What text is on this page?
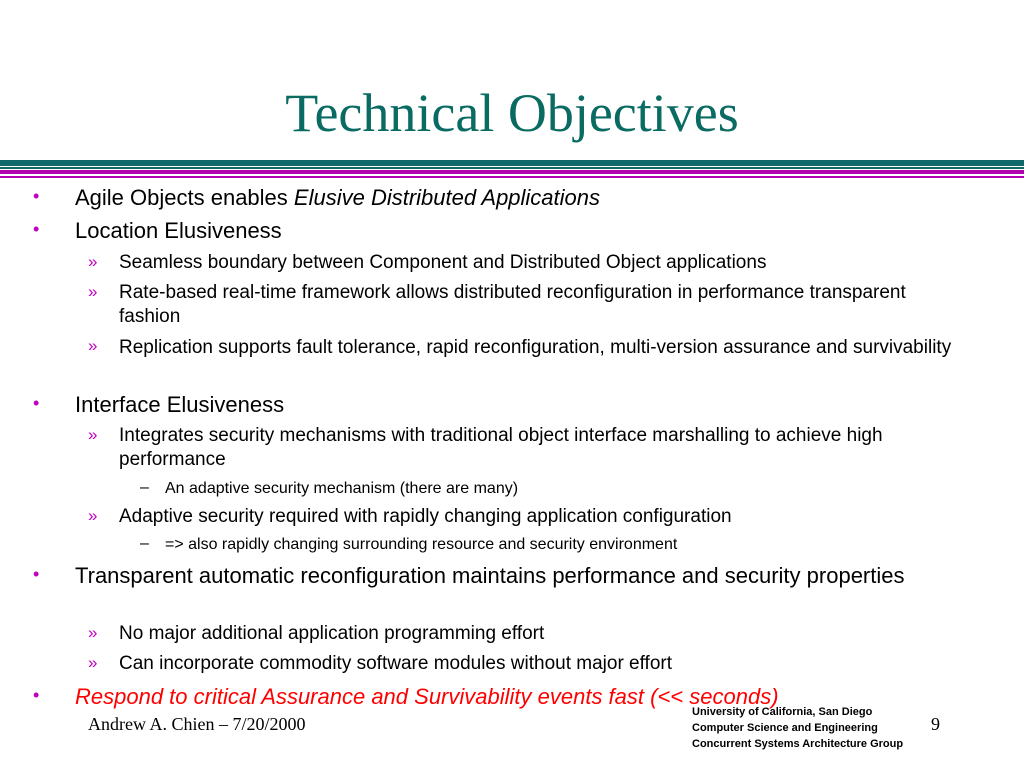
Technical Objectives
• Agile Objects enables Elusive Distributed Applications

• Location Elusiveness

» Seamless boundary between Component and Distributed Object applications

» Rate-based real-time framework allows distributed reconfiguration in performance transparent fashion

» Replication supports fault tolerance, rapid reconfiguration, multi-version assurance and survivability

• Interface Elusiveness

» Integrates security mechanisms with traditional object interface marshalling to achieve high performance

– An adaptive security mechanism (there are many)

» Adaptive security required with rapidly changing application configuration

– => also rapidly changing surrounding resource and security environment

• Transparent automatic reconfiguration maintains performance and security properties

» No major additional application programming effort

» Can incorporate commodity software modules without major effort

• Respond to critical Assurance and Survivability events fast (<< seconds)

Andrew A. Chien – 7/20/2000
University of California, San Diego
Computer Science and Engineering
Concurrent Systems Architecture Group
9
